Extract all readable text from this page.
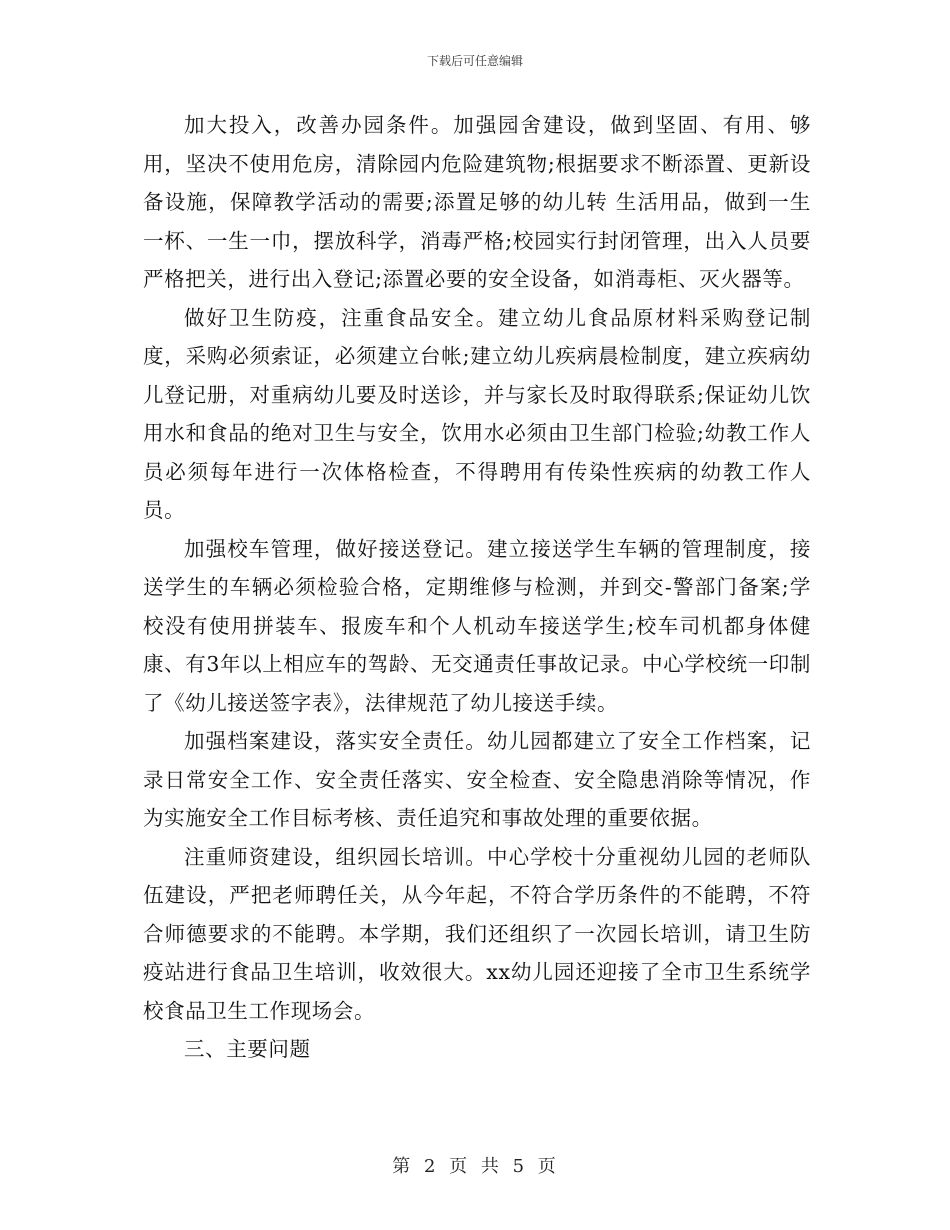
下载后可任意编辑

加大投入，改善办园条件。加强园舍建设，做到坚固、有用、够用，坚决不使用危房，清除园内危险建筑物;根据要求不断添置、更新设备设施，保障教学活动的需要;添置足够的幼儿转 生活用品，做到一生一杯、一生一巾，摆放科学，消毒严格;校园实行封闭管理，出入人员要严格把关，进行出入登记;添置必要的安全设备，如消毒柜、灭火器等。

做好卫生防疫，注重食品安全。建立幼儿食品原材料采购登记制度，采购必须索证，必须建立台帐;建立幼儿疾病晨检制度，建立疾病幼儿登记册，对重病幼儿要及时送诊，并与家长及时取得联系;保证幼儿饮用水和食品的绝对卫生与安全，饮用水必须由卫生部门检验;幼教工作人员必须每年进行一次体格检查，不得聘用有传染性疾病的幼教工作人员。

加强校车管理，做好接送登记。建立接送学生车辆的管理制度，接送学生的车辆必须检验合格，定期维修与检测，并到交-警部门备案;学校没有使用拼装车、报废车和个人机动车接送学生;校车司机都身体健康、有3年以上相应车的驾龄、无交通责任事故记录。中心学校统一印制了《幼儿接送签字表》，法律规范了幼儿接送手续。

加强档案建设，落实安全责任。幼儿园都建立了安全工作档案，记录日常安全工作、安全责任落实、安全检查、安全隐患消除等情况，作为实施安全工作目标考核、责任追究和事故处理的重要依据。

注重师资建设，组织园长培训。中心学校十分重视幼儿园的老师队伍建设，严把老师聘任关，从今年起，不符合学历条件的不能聘，不符合师德要求的不能聘。本学期，我们还组织了一次园长培训，请卫生防疫站进行食品卫生培训，收效很大。xx幼儿园还迎接了全市卫生系统学校食品卫生工作现场会。

三、主要问题

第 2 页 共 5 页
